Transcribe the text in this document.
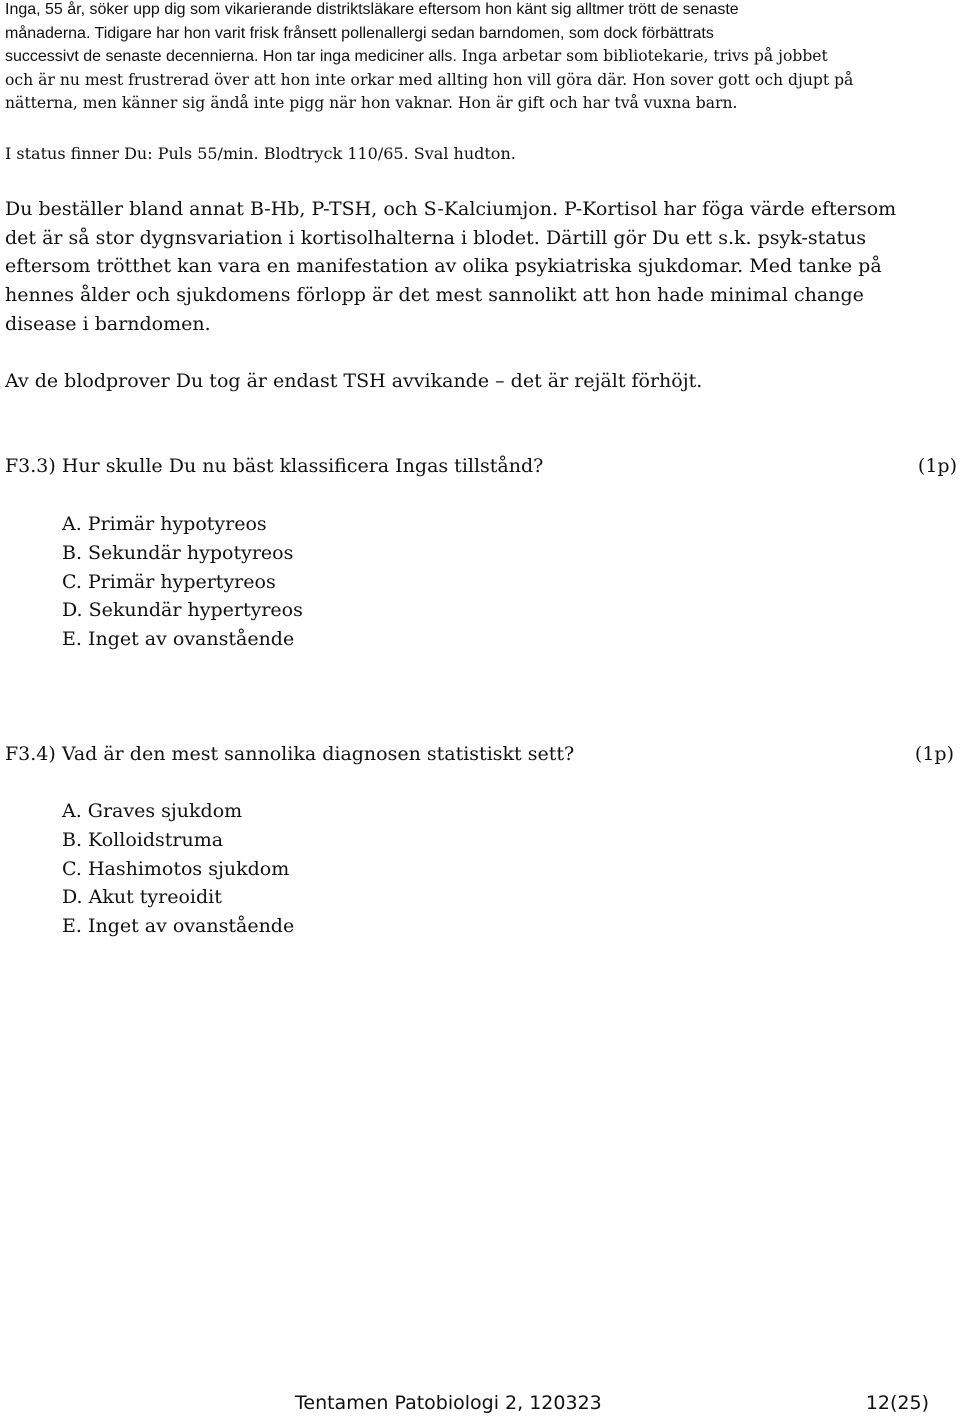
Inga, 55 år, söker upp dig som vikarierande distriktsläkare eftersom hon känt sig alltmer trött de senaste
månaderna. Tidigare har hon varit frisk frånsett pollenallergi sedan barndomen, som dock förbättrats
successivt de senaste decennierna. Hon tar inga mediciner alls. Inga arbetar som bibliotekarie, trivs på jobbet
och är nu mest frustrerad över att hon inte orkar med allting hon vill göra där. Hon sover gott och djupt på
nätterna, men känner sig ändå inte pigg när hon vaknar. Hon är gift och har två vuxna barn.
I status finner Du: Puls 55/min. Blodtryck 110/65. Sval hudton.
Du beställer bland annat B-Hb, P-TSH, och S-Kalciumjon. P-Kortisol har föga värde eftersom
det är så stor dygnsvariation i kortisolhalterna i blodet. Därtill gör Du ett s.k. psyk-status
eftersom trötthet kan vara en manifestation av olika psykiatriska sjukdomar. Med tanke på
hennes ålder och sjukdomens förlopp är det mest sannolikt att hon hade minimal change
disease i barndomen.
Av de blodprover Du tog är endast TSH avvikande – det är rejält förhöjt.
F3.3) Hur skulle Du nu bäst klassificera Ingas tillstånd?	(1p)
A. Primär hypotyreos
B. Sekundär hypotyreos
C. Primär hypertyreos
D. Sekundär hypertyreos
E. Inget av ovanstående
F3.4) Vad är den mest sannolika diagnosen statistiskt sett?	(1p)
A. Graves sjukdom
B. Kolloidstruma
C. Hashimotos sjukdom
D. Akut tyreoidit
E. Inget av ovanstående
Tentamen Patobiologi 2, 120323	12(25)
